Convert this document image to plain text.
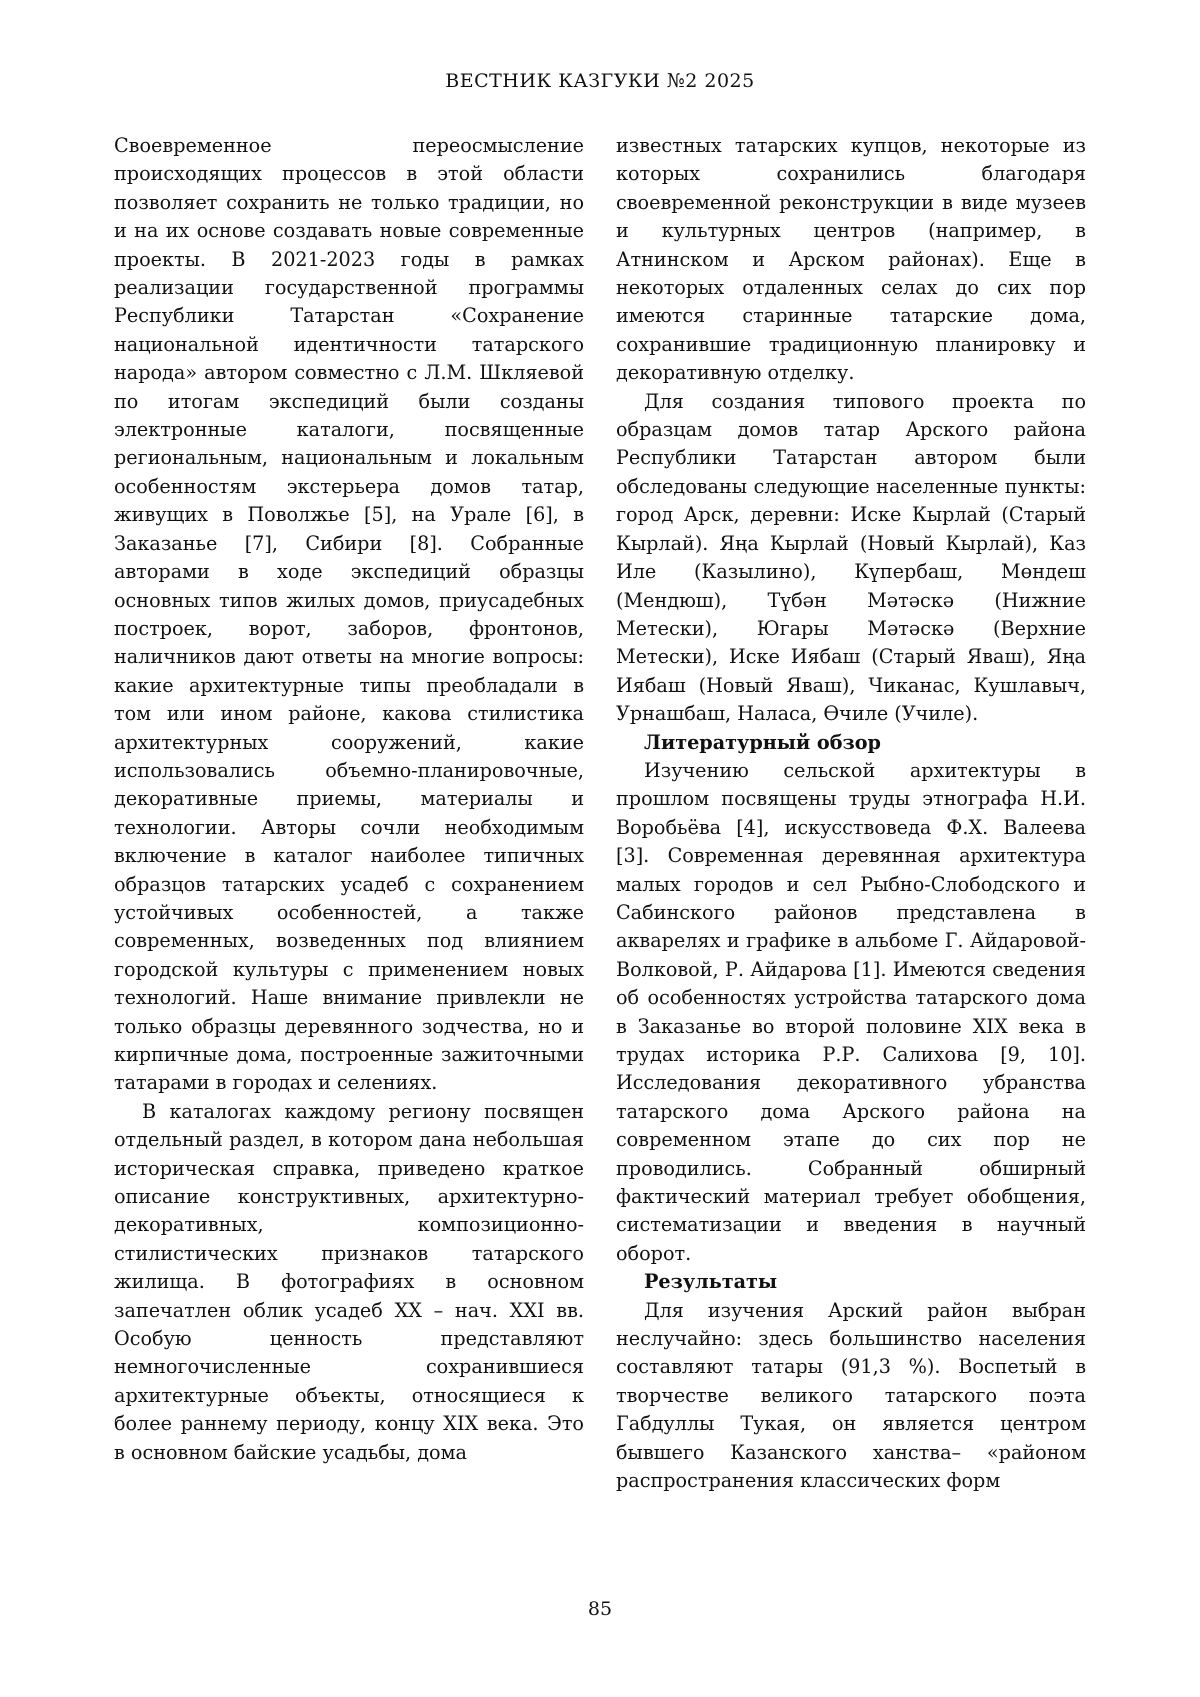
ВЕСТНИК КАЗГУКИ №2 2025

Своевременное переосмысление происходящих процессов в этой области позволяет сохранить не только традиции, но и на их основе создавать новые современные проекты. В 2021-2023 годы в рамках реализации государственной программы Республики Татарстан «Сохранение национальной идентичности татарского народа» автором совместно с Л.М. Шкляевой по итогам экспедиций были созданы электронные каталоги, посвященные региональным, национальным и локальным особенностям экстерьера домов татар, живущих в Поволжье [5], на Урале [6], в Заказанье [7], Сибири [8]. Собранные авторами в ходе экспедиций образцы основных типов жилых домов, приусадебных построек, ворот, заборов, фронтонов, наличников дают ответы на многие вопросы: какие архитектурные типы преобладали в том или ином районе, какова стилистика архитектурных сооружений, какие использовались объемно-планировочные, декоративные приемы, материалы и технологии. Авторы сочли необходимым включение в каталог наиболее типичных образцов татарских усадеб с сохранением устойчивых особенностей, а также современных, возведенных под влиянием городской культуры с применением новых технологий. Наше внимание привлекли не только образцы деревянного зодчества, но и кирпичные дома, построенные зажиточными татарами в городах и селениях.

В каталогах каждому региону посвящен отдельный раздел, в котором дана небольшая историческая справка, приведено краткое описание конструктивных, архитектурно-декоративных, композиционно-стилистических признаков татарского жилища. В фотографиях в основном запечатлен облик усадеб XX – нач. XXI вв. Особую ценность представляют немногочисленные сохранившиеся архитектурные объекты, относящиеся к более раннему периоду, концу XIX века. Это в основном байские усадьбы, дома

известных татарских купцов, некоторые из которых сохранились благодаря своевременной реконструкции в виде музеев и культурных центров (например, в Атнинском и Арском районах). Еще в некоторых отдаленных селах до сих пор имеются старинные татарские дома, сохранившие традиционную планировку и декоративную отделку.

Для создания типового проекта по образцам домов татар Арского района Республики Татарстан автором были обследованы следующие населенные пункты: город Арск, деревни: Иске Кырлай (Старый Кырлай). Яңа Кырлай (Новый Кырлай), Каз Иле (Казылино), Күпербаш, Мөндеш (Мендюш), Түбән Мәтәскә (Нижние Метески), Югары Мәтәскә (Верхние Метески), Иске Иябаш (Старый Яваш), Яңа Иябаш (Новый Яваш), Чиканас, Кушлавыч, Урнашбаш, Наласа, Өчиле (Училе).

Литературный обзор

Изучению сельской архитектуры в прошлом посвящены труды этнографа Н.И. Воробьёва [4], искусствоведа Ф.Х. Валеева [3]. Современная деревянная архитектура малых городов и сел Рыбно-Слободского и Сабинского районов представлена в акварелях и графике в альбоме Г. Айдаровой-Волковой, Р. Айдарова [1]. Имеются сведения об особенностях устройства татарского дома в Заказанье во второй половине XIX века в трудах историка Р.Р. Салихова [9, 10]. Исследования декоративного убранства татарского дома Арского района на современном этапе до сих пор не проводились. Собранный обширный фактический материал требует обобщения, систематизации и введения в научный оборот.

Результаты

Для изучения Арский район выбран неслучайно: здесь большинство населения составляют татары (91,3 %). Воспетый в творчестве великого татарского поэта Габдуллы Тукая, он является центром бывшего Казанского ханства– «районом распространения классических форм

85
